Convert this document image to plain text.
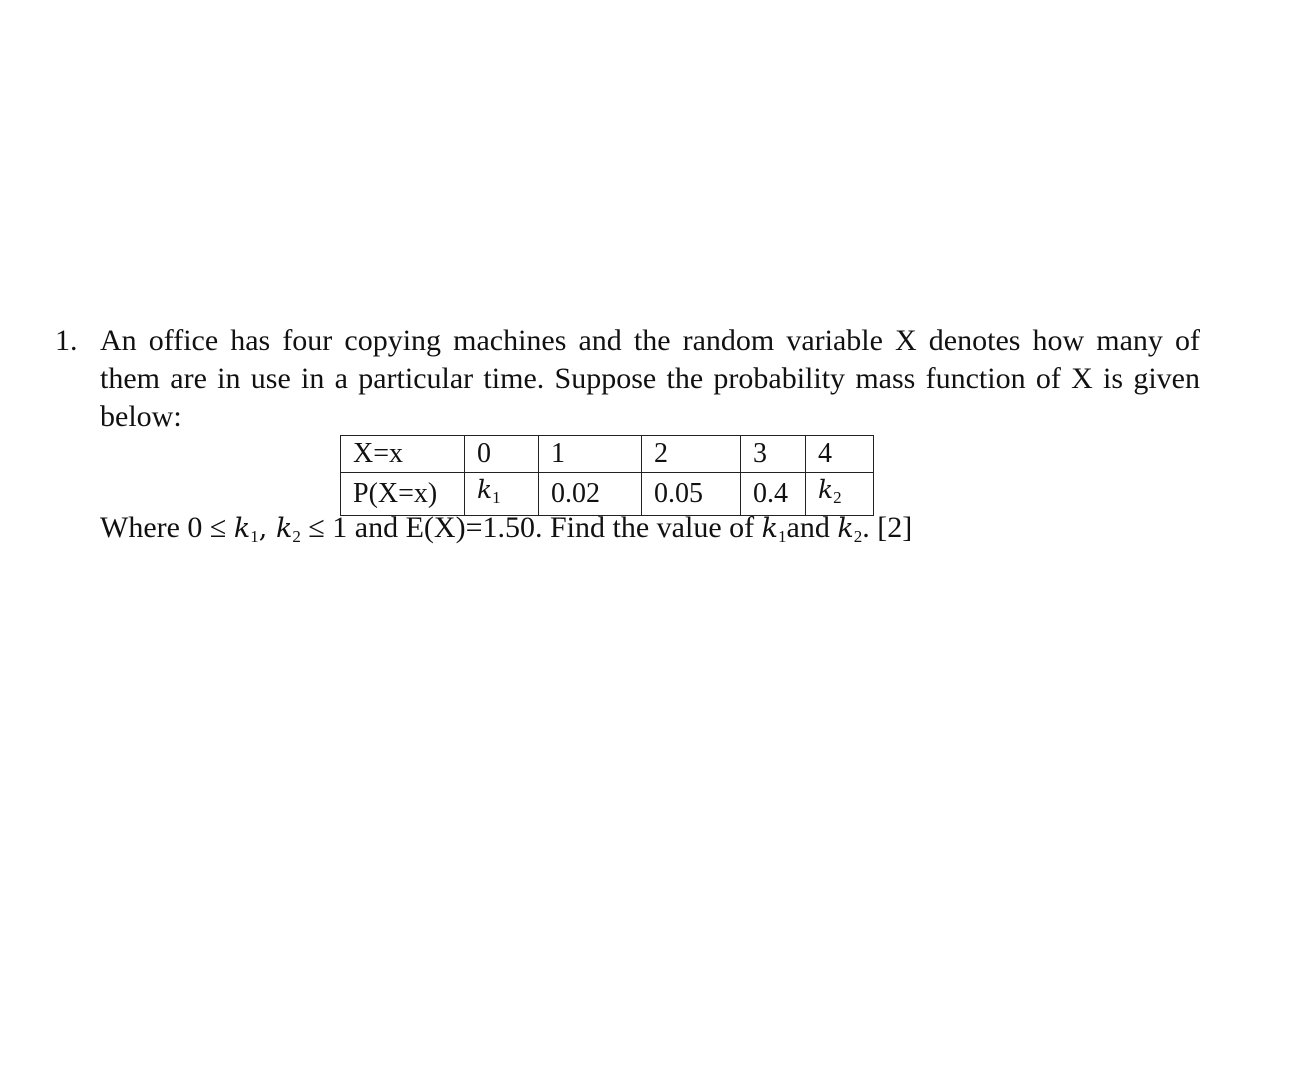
1. An office has four copying machines and the random variable X denotes how many of
them are in use in a particular time. Suppose the probability mass function of X is given
below:
X=x	0	1	2	3	4
P(X=x)	$k_1$	0.02	0.05	0.4	$k_2$
Where $0 \le k_1$, $k_2 \le 1$ and E(X)=1.50. Find the value of $k_1and$ $k_2$. [2]
